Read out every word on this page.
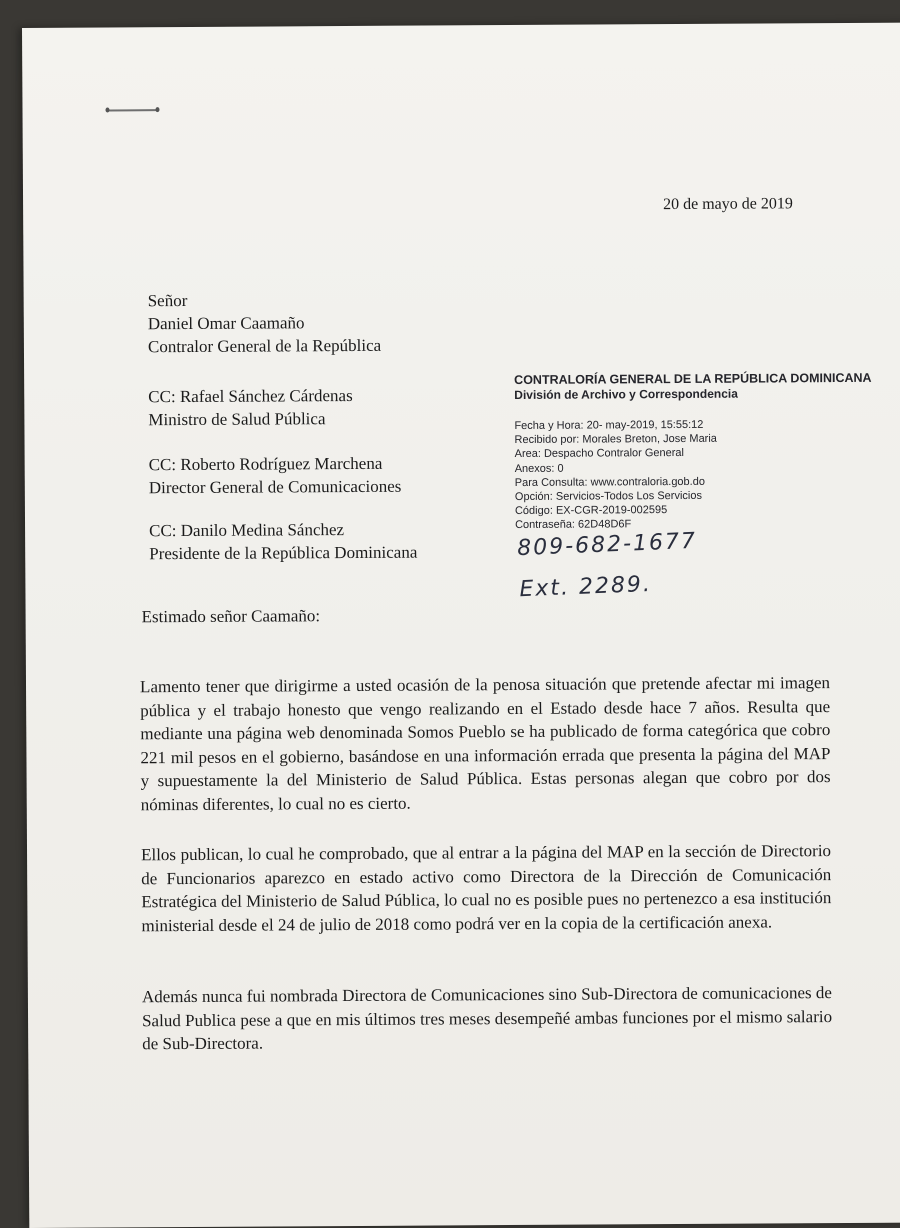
20 de mayo de 2019
Señor
Daniel Omar Caamaño
Contralor General de la República
CC: Rafael Sánchez Cárdenas
Ministro de Salud Pública
CC: Roberto Rodríguez Marchena
Director General de Comunicaciones
CC: Danilo Medina Sánchez
Presidente de la República Dominicana
CONTRALORÍA GENERAL DE LA REPÚBLICA DOMINICANA
División de Archivo y Correspondencia
Fecha y Hora: 20- may-2019, 15:55:12
Recibido por: Morales Breton, Jose Maria
Area: Despacho Contralor General
Anexos: 0
Para Consulta: www.contraloria.gob.do
Opción: Servicios-Todos Los Servicios
Código: EX-CGR-2019-002595
Contraseña: 62D48D6F
809-682-1677
Ext. 2289.
Estimado señor Caamaño:
Lamento tener que dirigirme a usted ocasión de la penosa situación que pretende afectar mi imagen pública y el trabajo honesto que vengo realizando en el Estado desde hace 7 años. Resulta que mediante una página web denominada Somos Pueblo se ha publicado de forma categórica que cobro 221 mil pesos en el gobierno, basándose en una información errada que presenta la página del MAP y supuestamente la del Ministerio de Salud Pública. Estas personas alegan que cobro por dos nóminas diferentes, lo cual no es cierto.
Ellos publican, lo cual he comprobado, que al entrar a la página del MAP en la sección de Directorio de Funcionarios aparezco en estado activo como Directora de la Dirección de Comunicación Estratégica del Ministerio de Salud Pública, lo cual no es posible pues no pertenezco a esa institución ministerial desde el 24 de julio de 2018 como podrá ver en la copia de la certificación anexa.
Además nunca fui nombrada Directora de Comunicaciones sino Sub-Directora de comunicaciones de Salud Publica pese a que en mis últimos tres meses desempeñé ambas funciones por el mismo salario de Sub-Directora.
